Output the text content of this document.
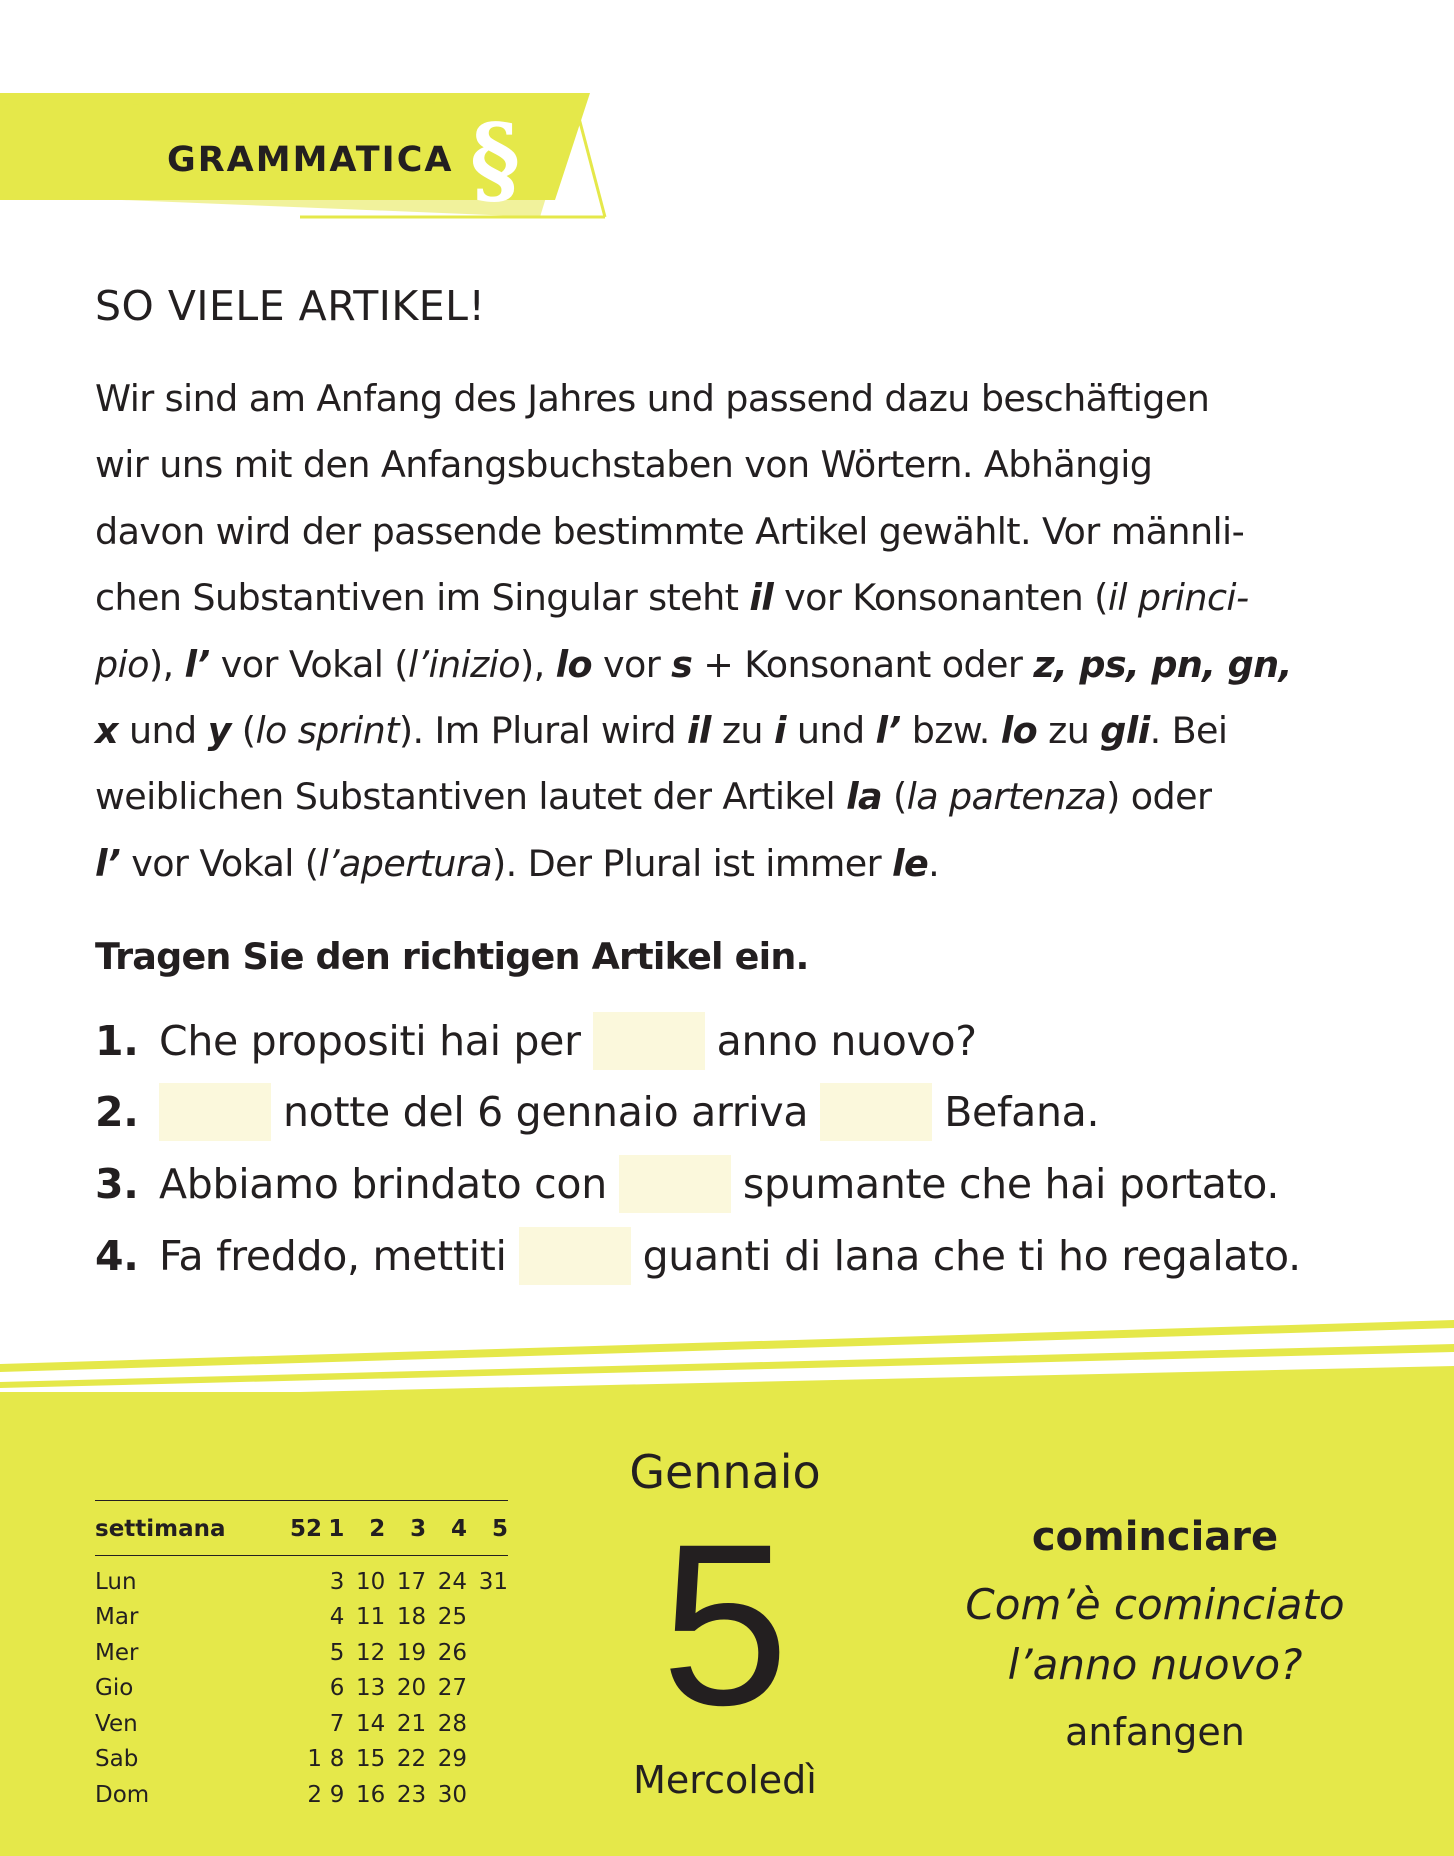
GRAMMATICA §
SO VIELE ARTIKEL!

Wir sind am Anfang des Jahres und passend dazu beschäftigen
wir uns mit den Anfangsbuchstaben von Wörtern. Abhängig
davon wird der passende bestimmte Artikel gewählt. Vor männli-
chen Substantiven im Singular steht il vor Konsonanten (il princi-
pio), l’ vor Vokal (l’inizio), lo vor s + Konsonant oder z, ps, pn, gn,
x und y (lo sprint). Im Plural wird il zu i und l’ bzw. lo zu gli. Bei
weiblichen Substantiven lautet der Artikel la (la partenza) oder
l’ vor Vokal (l’apertura). Der Plural ist immer le.

Tragen Sie den richtigen Artikel ein.
1. Che propositi hai per	anno nuovo?
2.	notte del 6 gennaio arriva	Befana.
3. Abbiamo brindato con	spumante che hai portato.
4. Fa freddo, mettiti	guanti di lana che ti ho regalato.
settimana	52	1	2	3	4	5
Lun		3	10	17	24	31
Mar		4	11	18	25	
Mer		5	12	19	26	
Gio		6	13	20	27	
Ven		7	14	21	28	
Sab	1	8	15	22	29	
Dom	2	9	16	23	30	
Gennaio
5
Mercoledì
cominciare
Com’è cominciato
l’anno nuovo?
anfangen
